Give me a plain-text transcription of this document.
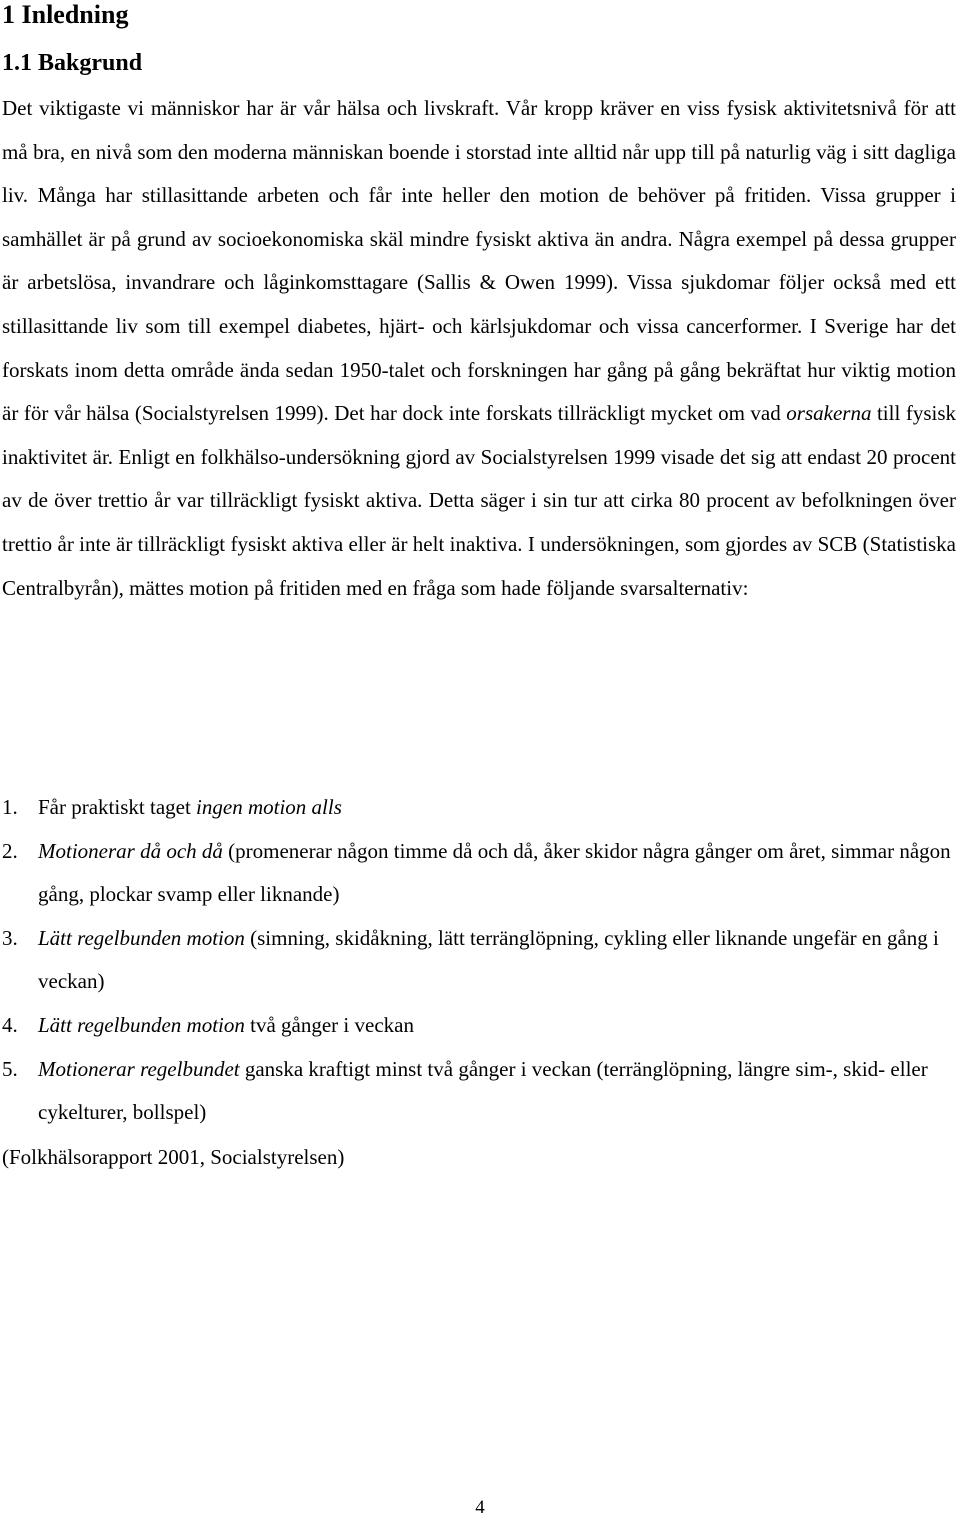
1 Inledning
1.1 Bakgrund

Det viktigaste vi människor har är vår hälsa och livskraft. Vår kropp kräver en viss fysisk aktivitetsnivå för att må bra, en nivå som den moderna människan boende i storstad inte alltid når upp till på naturlig väg i sitt dagliga liv. Många har stillasittande arbeten och får inte heller den motion de behöver på fritiden. Vissa grupper i samhället är på grund av socioekonomiska skäl mindre fysiskt aktiva än andra. Några exempel på dessa grupper är arbetslösa, invandrare och låginkomsttagare (Sallis & Owen 1999). Vissa sjukdomar följer också med ett stillasittande liv som till exempel diabetes, hjärt- och kärlsjukdomar och vissa cancerformer. I Sverige har det forskats inom detta område ända sedan 1950-talet och forskningen har gång på gång bekräftat hur viktig motion är för vår hälsa (Socialstyrelsen 1999). Det har dock inte forskats tillräckligt mycket om vad orsakerna till fysisk inaktivitet är. Enligt en folkhälso-undersökning gjord av Socialstyrelsen 1999 visade det sig att endast 20 procent av de över trettio år var tillräckligt fysiskt aktiva. Detta säger i sin tur att cirka 80 procent av befolkningen över trettio år inte är tillräckligt fysiskt aktiva eller är helt inaktiva. I undersökningen, som gjordes av SCB (Statistiska Centralbyrån), mättes motion på fritiden med en fråga som hade följande svarsalternativ:

1. Får praktiskt taget ingen motion alls
2. Motionerar då och då (promenerar någon timme då och då, åker skidor några gånger om året, simmar någon gång, plockar svamp eller liknande)
3. Lätt regelbunden motion (simning, skidåkning, lätt terränglöpning, cykling eller liknande ungefär en gång i veckan)
4. Lätt regelbunden motion två gånger i veckan
5. Motionerar regelbundet ganska kraftigt minst två gånger i veckan (terränglöpning, längre sim-, skid- eller cykelturer, bollspel)

(Folkhälsorapport 2001, Socialstyrelsen)

4
